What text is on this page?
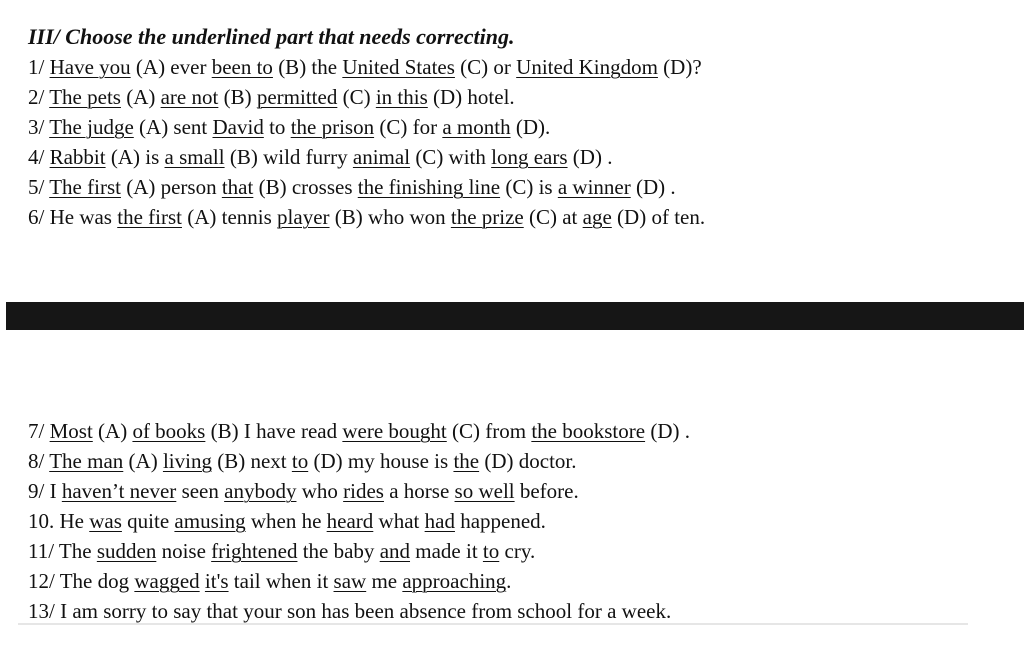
III/ Choose the underlined part that needs correcting.
1/ Have you (A) ever been to (B) the United States (C) or United Kingdom (D)?
2/ The pets (A) are not (B) permitted (C) in this (D) hotel.
3/ The judge (A) sent David to the prison (C) for a month (D).
4/ Rabbit (A) is a small (B) wild furry animal (C) with long ears (D) .
5/ The first (A) person that (B) crosses the finishing line (C) is a winner (D) .
6/ He was the first (A) tennis player (B) who won the prize (C) at age (D) of ten.
7/ Most (A) of books (B) I have read were bought (C) from the bookstore (D) .
8/ The man (A) living (B) next to (D) my house is the (D) doctor.
9/ I haven’t never seen anybody who rides a horse so well before.
10. He was quite amusing when he heard what had happened.
11/ The sudden noise frightened the baby and made it to cry.
12/ The dog wagged it's tail when it saw me approaching.
13/ I am sorry to say that your son has been absence from school for a week.
